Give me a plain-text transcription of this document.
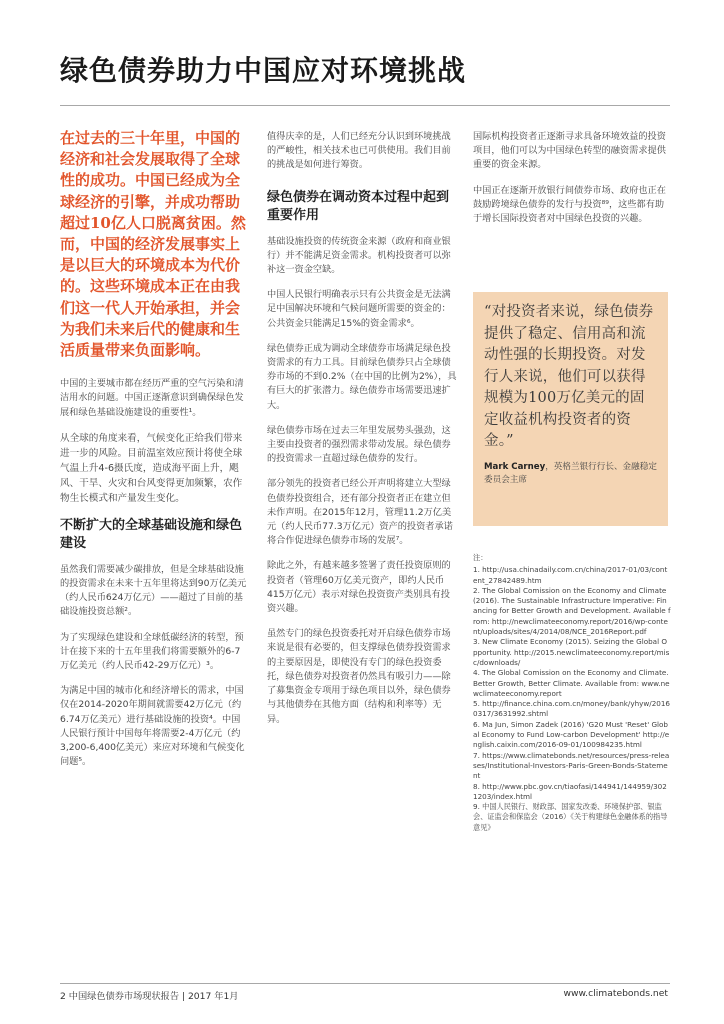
绿色债券助力中国应对环境挑战
在过去的三十年里，中国的经济和社会发展取得了全球性的成功。中国已经成为全球经济的引擎，并成功帮助超过10亿人口脱离贫困。然而，中国的经济发展事实上是以巨大的环境成本为代价的。这些环境成本正在由我们这一代人开始承担，并会为我们未来后代的健康和生活质量带来负面影响。
中国的主要城市都在经历严重的空气污染和清洁用水的问题。中国正逐渐意识到确保绿色发展和绿色基础设施建设的重要性¹。
从全球的角度来看，气候变化正给我们带来进一步的风险。目前温室效应预计将使全球气温上升4-6摄氏度，造成海平面上升，飓风、干旱、火灾和台风变得更加频繁，农作物生长模式和产量发生变化。
不断扩大的全球基础设施和绿色建设
虽然我们需要减少碳排放，但是全球基础设施的投资需求在未来十五年里将达到90万亿美元（约人民币624万亿元）——超过了目前的基础设施投资总额²。
为了实现绿色建设和全球低碳经济的转型，预计在接下来的十五年里我们将需要额外的6-7万亿美元（约人民币42-29万亿元）³。
为满足中国的城市化和经济增长的需求，中国仅在2014-2020年期间就需要42万亿元（约6.74万亿美元）进行基础设施的投资⁴。中国人民银行预计中国每年将需要2-4万亿元（约3,200-6,400亿美元）来应对环境和气候变化问题⁵。
值得庆幸的是，人们已经充分认识到环境挑战的严峻性，相关技术也已可供使用。我们目前的挑战是如何进行筹资。
绿色债券在调动资本过程中起到重要作用
基础设施投资的传统资金来源（政府和商业银行）并不能满足资金需求。机构投资者可以弥补这一资金空缺。
中国人民银行明确表示只有公共资金是无法满足中国解决环境和气候问题所需要的资金的：公共资金只能满足15%的资金需求⁶。
绿色债券正成为调动全球债券市场满足绿色投资需求的有力工具。目前绿色债券只占全球债券市场的不到0.2%（在中国的比例为2%），具有巨大的扩张潜力。绿色债券市场需要迅速扩大。
绿色债券市场在过去三年里发展势头强劲，这主要由投资者的强烈需求带动发展。绿色债券的投资需求一直超过绿色债券的发行。
部分领先的投资者已经公开声明将建立大型绿色债券投资组合，还有部分投资者正在建立但未作声明。在2015年12月，管理11.2万亿美元（约人民币77.3万亿元）资产的投资者承诺将合作促进绿色债券市场的发展⁷。
除此之外，有越来越多签署了责任投资原则的投资者（管理60万亿美元资产，即约人民币415万亿元）表示对绿色投资资产类别具有投资兴趣。
虽然专门的绿色投资委托对开启绿色债券市场来说是很有必要的，但支撑绿色债券投资需求的主要原因是，即使没有专门的绿色投资委托，绿色债券对投资者仍然具有吸引力——除了募集资金专项用于绿色项目以外，绿色债券与其他债券在其他方面（结构和利率等）无异。
国际机构投资者正逐渐寻求具备环境效益的投资项目，他们可以为中国绿色转型的融资需求提供重要的资金来源。
中国正在逐渐开放银行间债券市场、政府也正在鼓励跨境绿色债券的发行与投资⁸⁹，这些都有助于增长国际投资者对中国绿色投资的兴趣。
“对投资者来说，绿色债券提供了稳定、信用高和流动性强的长期投资。对发行人来说，他们可以获得规模为100万亿美元的固定收益机构投资者的资金。”
Mark Carney，英格兰银行行长、金融稳定委员会主席
注：
1. http://usa.chinadaily.com.cn/china/2017-01/03/content_27842489.htm
2. The Global Comission on the Economy and Climate (2016). The Sustainable Infrastructure Imperative: Financing for Better Growth and Development. Available from: http://newclimateeconomy.report/2016/wp-content/uploads/sites/4/2014/08/NCE_2016Report.pdf
3. New Climate Economy (2015). Seizing the Global Opportunity. http://2015.newclimateeconomy.report/misc/downloads/
4. The Global Comission on the Economy and Climate. Better Growth, Better Climate. Available from: www.newclimateeconomy.report
5. http://finance.china.com.cn/money/bank/yhyw/20160317/3631992.shtml
6. Ma Jun, Simon Zadek (2016) 'G20 Must 'Reset' Global Economy to Fund Low-carbon Development' http://english.caixin.com/2016-09-01/100984235.html
7. https://www.climatebonds.net/resources/press-releases/Institutional-Investors-Paris-Green-Bonds-Statement
8. http://www.pbc.gov.cn/tiaofasi/144941/144959/3021203/index.html
9. 中国人民银行、财政部、国家发改委、环境保护部、银监会、证监会和保监会（2016）《关于构建绿色金融体系的指导意见》
2 中国绿色债券市场现状报告 | 2017 年1月	www.climatebonds.net
